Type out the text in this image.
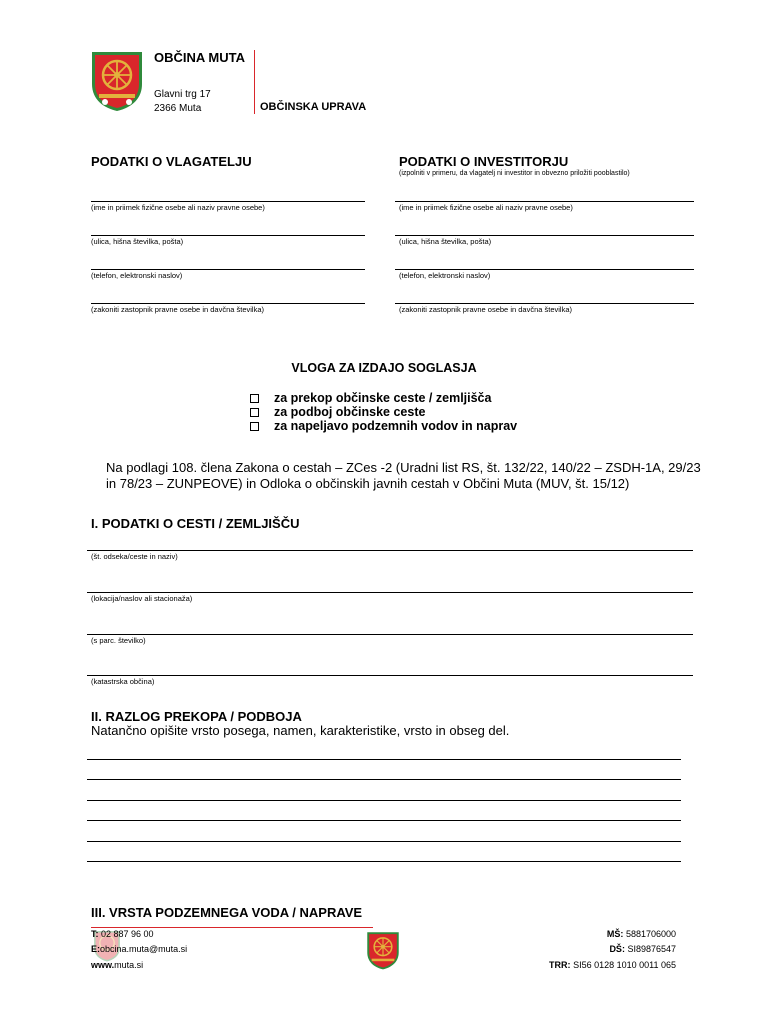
OBČINA MUTA
Glavni trg 17
2366 Muta	OBČINSKA UPRAVA
PODATKI O VLAGATELJU	PODATKI O INVESTITORJU
(izpolniti v primeru, da vlagatelj ni investitor in obvezno priložiti pooblastilo)
(ime in priimek fizične osebe ali naziv pravne osebe)
(ulica, hišna številka, pošta)
(telefon, elektronski naslov)
(zakoniti zastopnik pravne osebe in davčna številka)
(ime in priimek fizične osebe ali naziv pravne osebe)
(ulica, hišna številka, pošta)
(telefon, elektronski naslov)
(zakoniti zastopnik pravne osebe in davčna številka)
VLOGA ZA IZDAJO SOGLASJA
za prekop občinske ceste / zemljišča
za podboj občinske ceste
za napeljavo podzemnih vodov in naprav
Na podlagi 108. člena Zakona o cestah – ZCes -2 (Uradni list RS, št. 132/22, 140/22 – ZSDH-1A, 29/23 in 78/23 – ZUNPEOVE) in Odloka o občinskih javnih cestah v Občini Muta (MUV, št. 15/12)
I. PODATKI O CESTI / ZEMLJIŠČU
(št. odseka/ceste in naziv)
(lokacija/naslov ali stacionaža)
(s parc. številko)
(katastrska občina)
II. RAZLOG PREKOPA / PODBOJA
Natančno opišite vrsto posega, namen, karakteristike, vrsto in obseg del.
III. VRSTA PODZEMNEGA VODA / NAPRAVE
T: 02 887 96 00
E:obcina.muta@muta.si
www.muta.si
MŠ: 5881706000
DŠ: SI89876547
TRR: SI56 0128 1010 0011 065
